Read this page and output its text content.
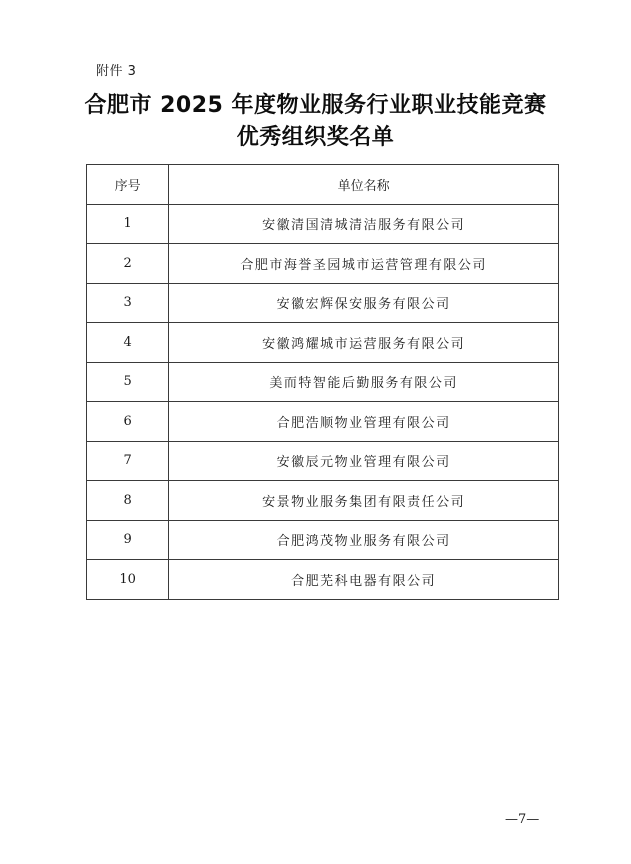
附件 3
合肥市 2025 年度物业服务行业职业技能竞赛
优秀组织奖名单
序号	单位名称
1	安徽清国清城清洁服务有限公司
2	合肥市海誉圣园城市运营管理有限公司
3	安徽宏辉保安服务有限公司
4	安徽鸿耀城市运营服务有限公司
5	美而特智能后勤服务有限公司
6	合肥浩顺物业管理有限公司
7	安徽辰元物业管理有限公司
8	安景物业服务集团有限责任公司
9	合肥鸿茂物业服务有限公司
10	合肥芜科电器有限公司
—7—
